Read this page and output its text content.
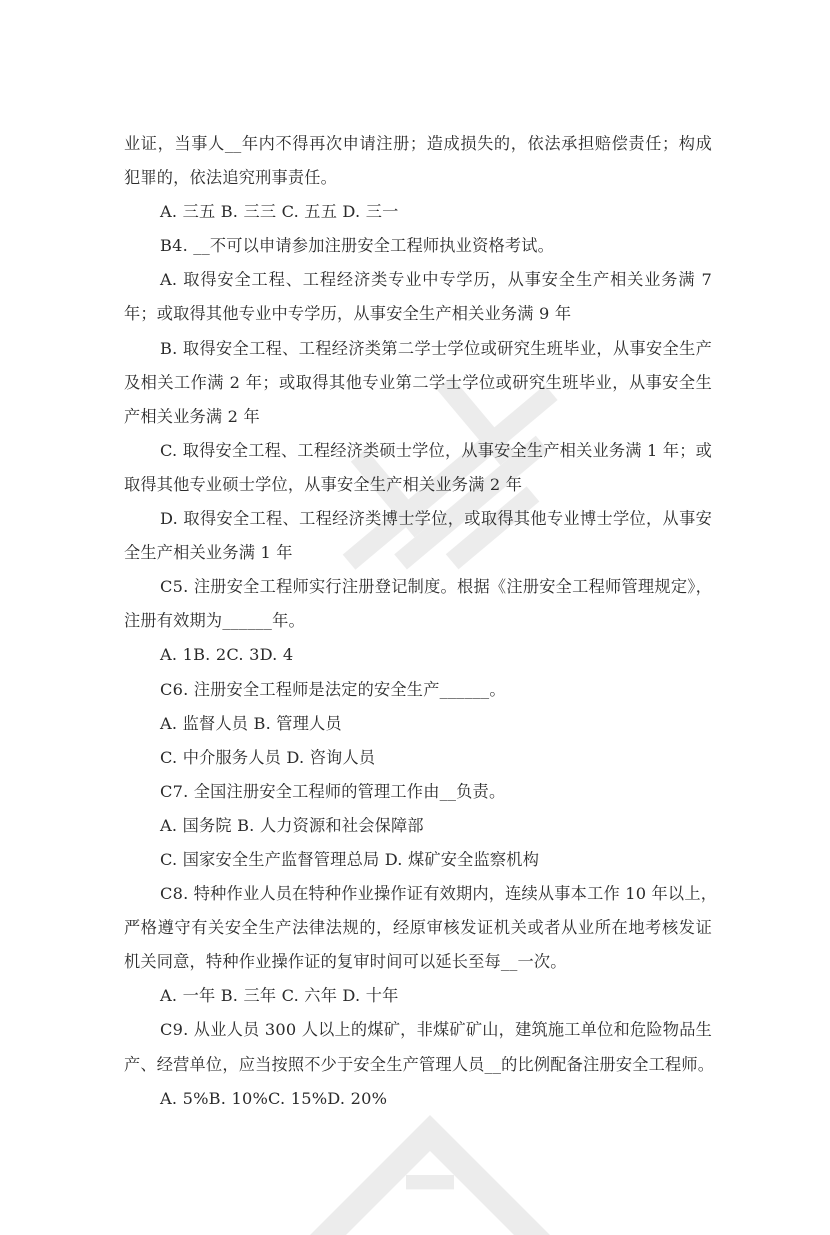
业证，当事人__年内不得再次申请注册；造成损失的，依法承担赔偿责任；构成
犯罪的，依法追究刑事责任。
A. 三五 B. 三三 C. 五五 D. 三一
B4. __不可以申请参加注册安全工程师执业资格考试。
A. 取得安全工程、工程经济类专业中专学历，从事安全生产相关业务满 7
年；或取得其他专业中专学历，从事安全生产相关业务满 9 年
B. 取得安全工程、工程经济类第二学士学位或研究生班毕业，从事安全生产
及相关工作满 2 年；或取得其他专业第二学士学位或研究生班毕业，从事安全生
产相关业务满 2 年
C. 取得安全工程、工程经济类硕士学位，从事安全生产相关业务满 1 年；或
取得其他专业硕士学位，从事安全生产相关业务满 2 年
D. 取得安全工程、工程经济类博士学位，或取得其他专业博士学位，从事安
全生产相关业务满 1 年
C5. 注册安全工程师实行注册登记制度。根据《注册安全工程师管理规定》，
注册有效期为______年。
A. 1B. 2C. 3D. 4
C6. 注册安全工程师是法定的安全生产______。
A. 监督人员 B. 管理人员
C. 中介服务人员 D. 咨询人员
C7. 全国注册安全工程师的管理工作由__负责。
A. 国务院 B. 人力资源和社会保障部
C. 国家安全生产监督管理总局 D. 煤矿安全监察机构
C8. 特种作业人员在特种作业操作证有效期内，连续从事本工作 10 年以上，
严格遵守有关安全生产法律法规的，经原审核发证机关或者从业所在地考核发证
机关同意，特种作业操作证的复审时间可以延长至每__一次。
A. 一年 B. 三年 C. 六年 D. 十年
C9. 从业人员 300 人以上的煤矿，非煤矿矿山，建筑施工单位和危险物品生
产、经营单位，应当按照不少于安全生产管理人员__的比例配备注册安全工程师。
A. 5%B. 10%C. 15%D. 20%
